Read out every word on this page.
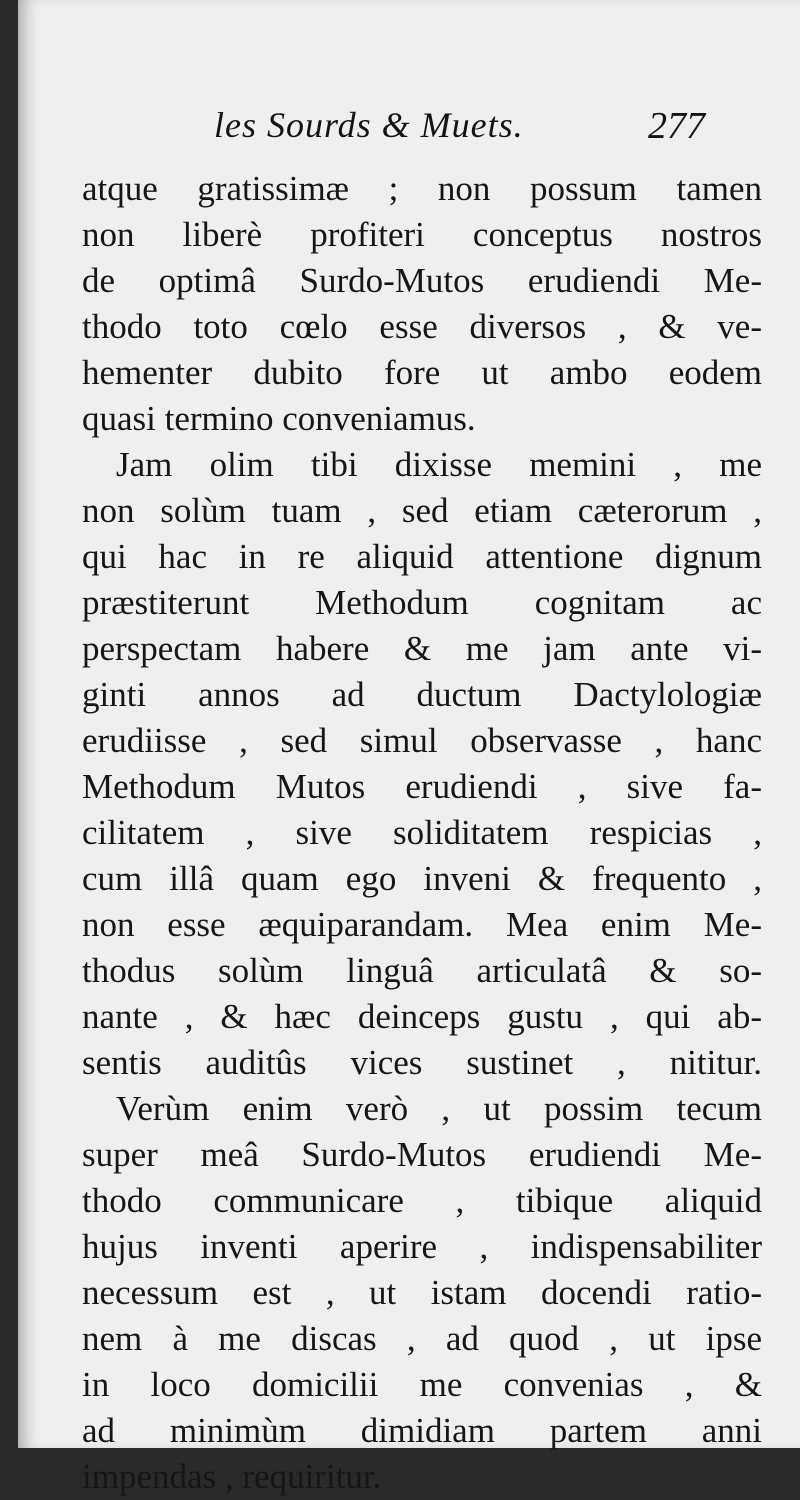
les Sourds & Muets.	277
atque gratissimæ ; non possum tamen
non liberè profiteri conceptus nostros
de optimâ Surdo-Mutos erudiendi Me-
thodo toto cœlo esse diversos , & ve-
hementer dubito fore ut ambo eodem
quasi termino conveniamus.
Jam olim tibi dixisse memini , me
non solùm tuam , sed etiam cæterorum ,
qui hac in re aliquid attentione dignum
præstiterunt Methodum cognitam ac
perspectam habere & me jam ante vi-
ginti annos ad ductum Dactylologiæ
erudiisse , sed simul observasse , hanc
Methodum Mutos erudiendi , sive fa-
cilitatem , sive soliditatem respicias ,
cum illâ quam ego inveni & frequento ,
non esse æquiparandam. Mea enim Me-
thodus solùm linguâ articulatâ & so-
nante , & hæc deinceps gustu , qui ab-
sentis auditûs vices sustinet , nititur.
Verùm enim verò , ut possim tecum
super meâ Surdo-Mutos erudiendi Me-
thodo communicare , tibique aliquid
hujus inventi aperire , indispensabiliter
necessum est , ut istam docendi ratio-
nem à me discas , ad quod , ut ipse
in loco domicilii me convenias , &
ad minimùm dimidiam partem anni
impendas , requiritur.
